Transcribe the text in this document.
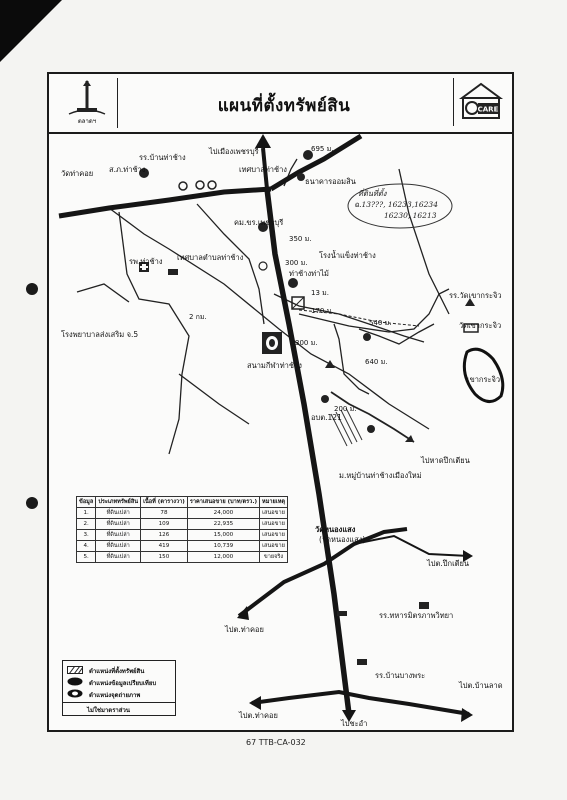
ตลาดฯ
แผนที่ตั้งทรัพย์สิน	CARE
รร.บ้านท่าช้าง
ส.ภ.ท่าช้าง
วัดท่าคอย
ไปเมืองเพชรบุรี	695 ม.
เทศบาลท่าช้าง
ธนาคารออมสิน
รพ.ท่าช้าง เทศบาลตำบลท่าช้าง
คม.ขร.เพชรบุรี
350 ม.
โรงน้ำแข็งท่าช้าง
300 ม.
ท่าช้างท่าไม้
13 ม.
170 ม.
540 ม.
รร.วัดเขากระจิว
วัดเขากระจิว
เขากระจิว
โรงพยาบาลส่งเสริม จ.5
2 กม.
300 ม.
640 ม.
สนามกีฬาท่าช้าง
อบต.121
200 ม.
ม.หมู่บ้านท่าช้างเมืองใหม่
ไปหาดปึกเตียน
วัดหนองแสง
(วัดหนองแสง)
ไปต.ปึกเตียน
ไปต.ท่าคอย
รร.ทหารมิตรภาพวิทยา
รร.บ้านบางพระ
ไปต.ท่าคอย
ไปต.บ้านลาด
ไปชะอำ
ที่ดินที่ตั้ง
ฉ.13???, 16233,16234
16230, 16213
ข้อมูล	ประเภททรัพย์สิน	เนื้อที่ (ตารางวา)	ราคาเสนอขาย (บาท/ตรว.)	หมายเหตุ
1.	ที่ดินเปล่า	78	24,000	เสนอขาย
2.	ที่ดินเปล่า	109	22,935	เสนอขาย
3.	ที่ดินเปล่า	126	15,000	เสนอขาย
4.	ที่ดินเปล่า	419	10,739	เสนอขาย
5.	ที่ดินเปล่า	150	12,000	ขายจริง
ตำแหน่งที่ตั้งทรัพย์สิน
ตำแหน่งข้อมูลเปรียบเทียบ
ตำแหน่งจุดถ่ายภาพ
ไม่ใช่มาตราส่วน
67 TTB-CA-032
